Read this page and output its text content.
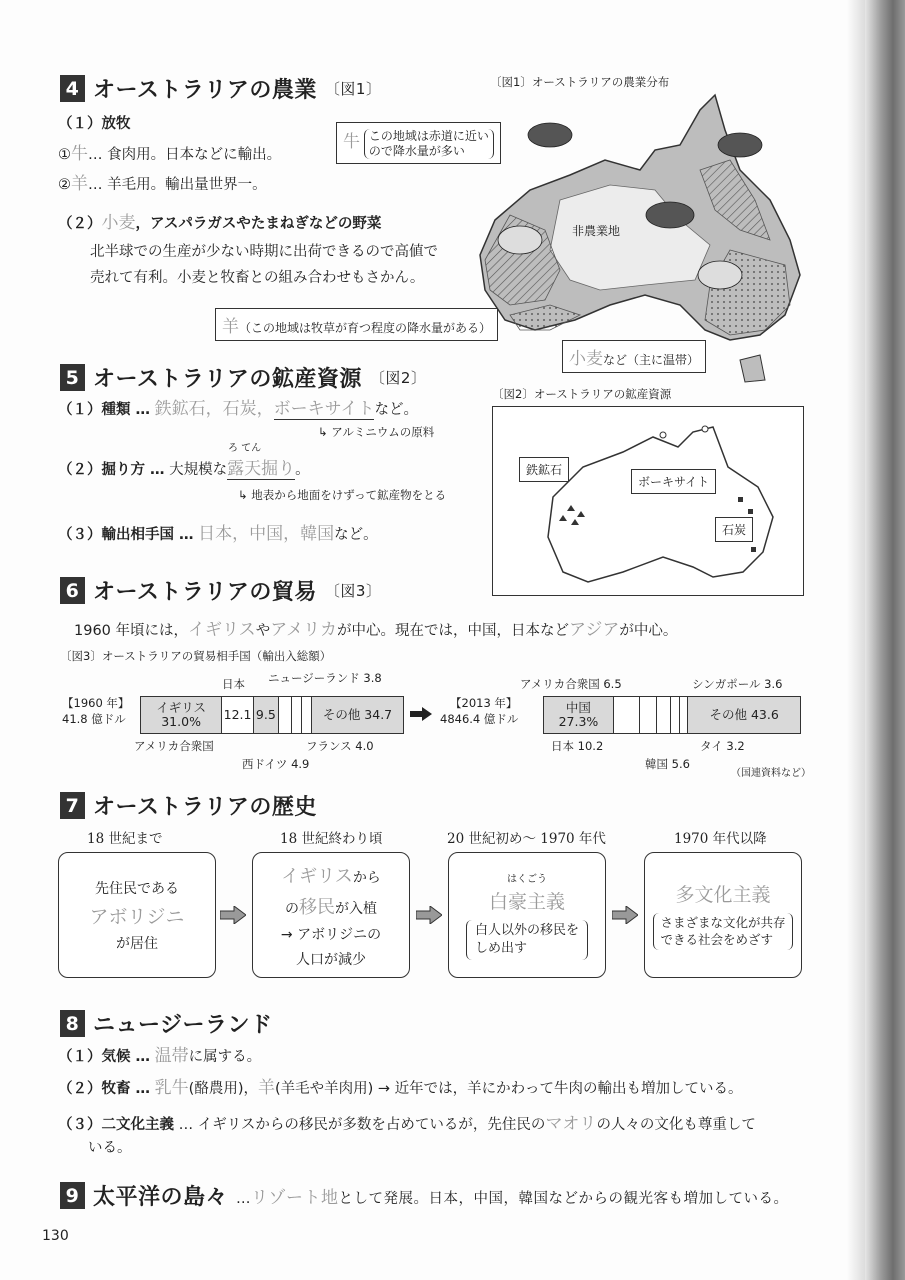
4 オーストラリアの農業 〔図1〕
（１）放牧
①牛… 食肉用。日本などに輸出。
②羊… 羊毛用。輸出量世界一。
（２）小麦，アスパラガスやたまねぎなどの野菜
北半球での生産が少ない時期に出荷できるので高値で
売れて有利。小麦と牧畜との組み合わせもさかん。
〔図1〕オーストラリアの農業分布
非農業地
牛 この地域は赤道に近い
ので降水量が多い
羊（この地域は牧草が育つ程度の降水量がある）
小麦など（主に温帯）
5 オーストラリアの鉱産資源 〔図2〕
（１）種類 … 鉄鉱石，石炭，ボーキサイトなど。
↳ アルミニウムの原料
ろ てん
（２）掘り方 … 大規模な露天掘り。
↳ 地表から地面をけずって鉱産物をとる
（３）輸出相手国 … 日本，中国，韓国など。
〔図2〕オーストラリアの鉱産資源
鉄鉱石
ボーキサイト
石炭
6 オーストラリアの貿易 〔図3〕
1960 年頃には，イギリスやアメリカが中心。現在では，中国，日本などアジアが中心。
〔図3〕オーストラリアの貿易相手国（輸出入総額）
【1960 年】
41.8 億ドル
イギリス
31.0%	12.1 9.5	その他 34.7
日本 ニュージーランド 3.8
アメリカ合衆国
西ドイツ 4.9
フランス 4.0
【2013 年】
4846.4 億ドル
中国
27.3%	その他 43.6
アメリカ合衆国 6.5	シンガポール 3.6
日本 10.2
韓国 5.6
タイ 3.2
（国連資料など）
7 オーストラリアの歴史
18 世紀まで	18 世紀終わり頃	20 世紀初め～ 1970 年代	1970 年代以降
先住民である
アボリジニ
が居住
イギリスから
の移民が入植
→ アボリジニの
人口が減少
はくごう
白豪主義
白人以外の移民を
しめ出す
多文化主義
さまざまな文化が共存
できる社会をめざす
8 ニュージーランド
（１）気候 … 温帯に属する。
（２）牧畜 … 乳牛(酪農用)，羊(羊毛や羊肉用) → 近年では，羊にかわって牛肉の輸出も増加している。
（３）二文化主義 … イギリスからの移民が多数を占めているが，先住民のマオリの人々の文化も尊重して
いる。
9 太平洋の島々 …リゾート地として発展。日本，中国，韓国などからの観光客も増加している。
130
